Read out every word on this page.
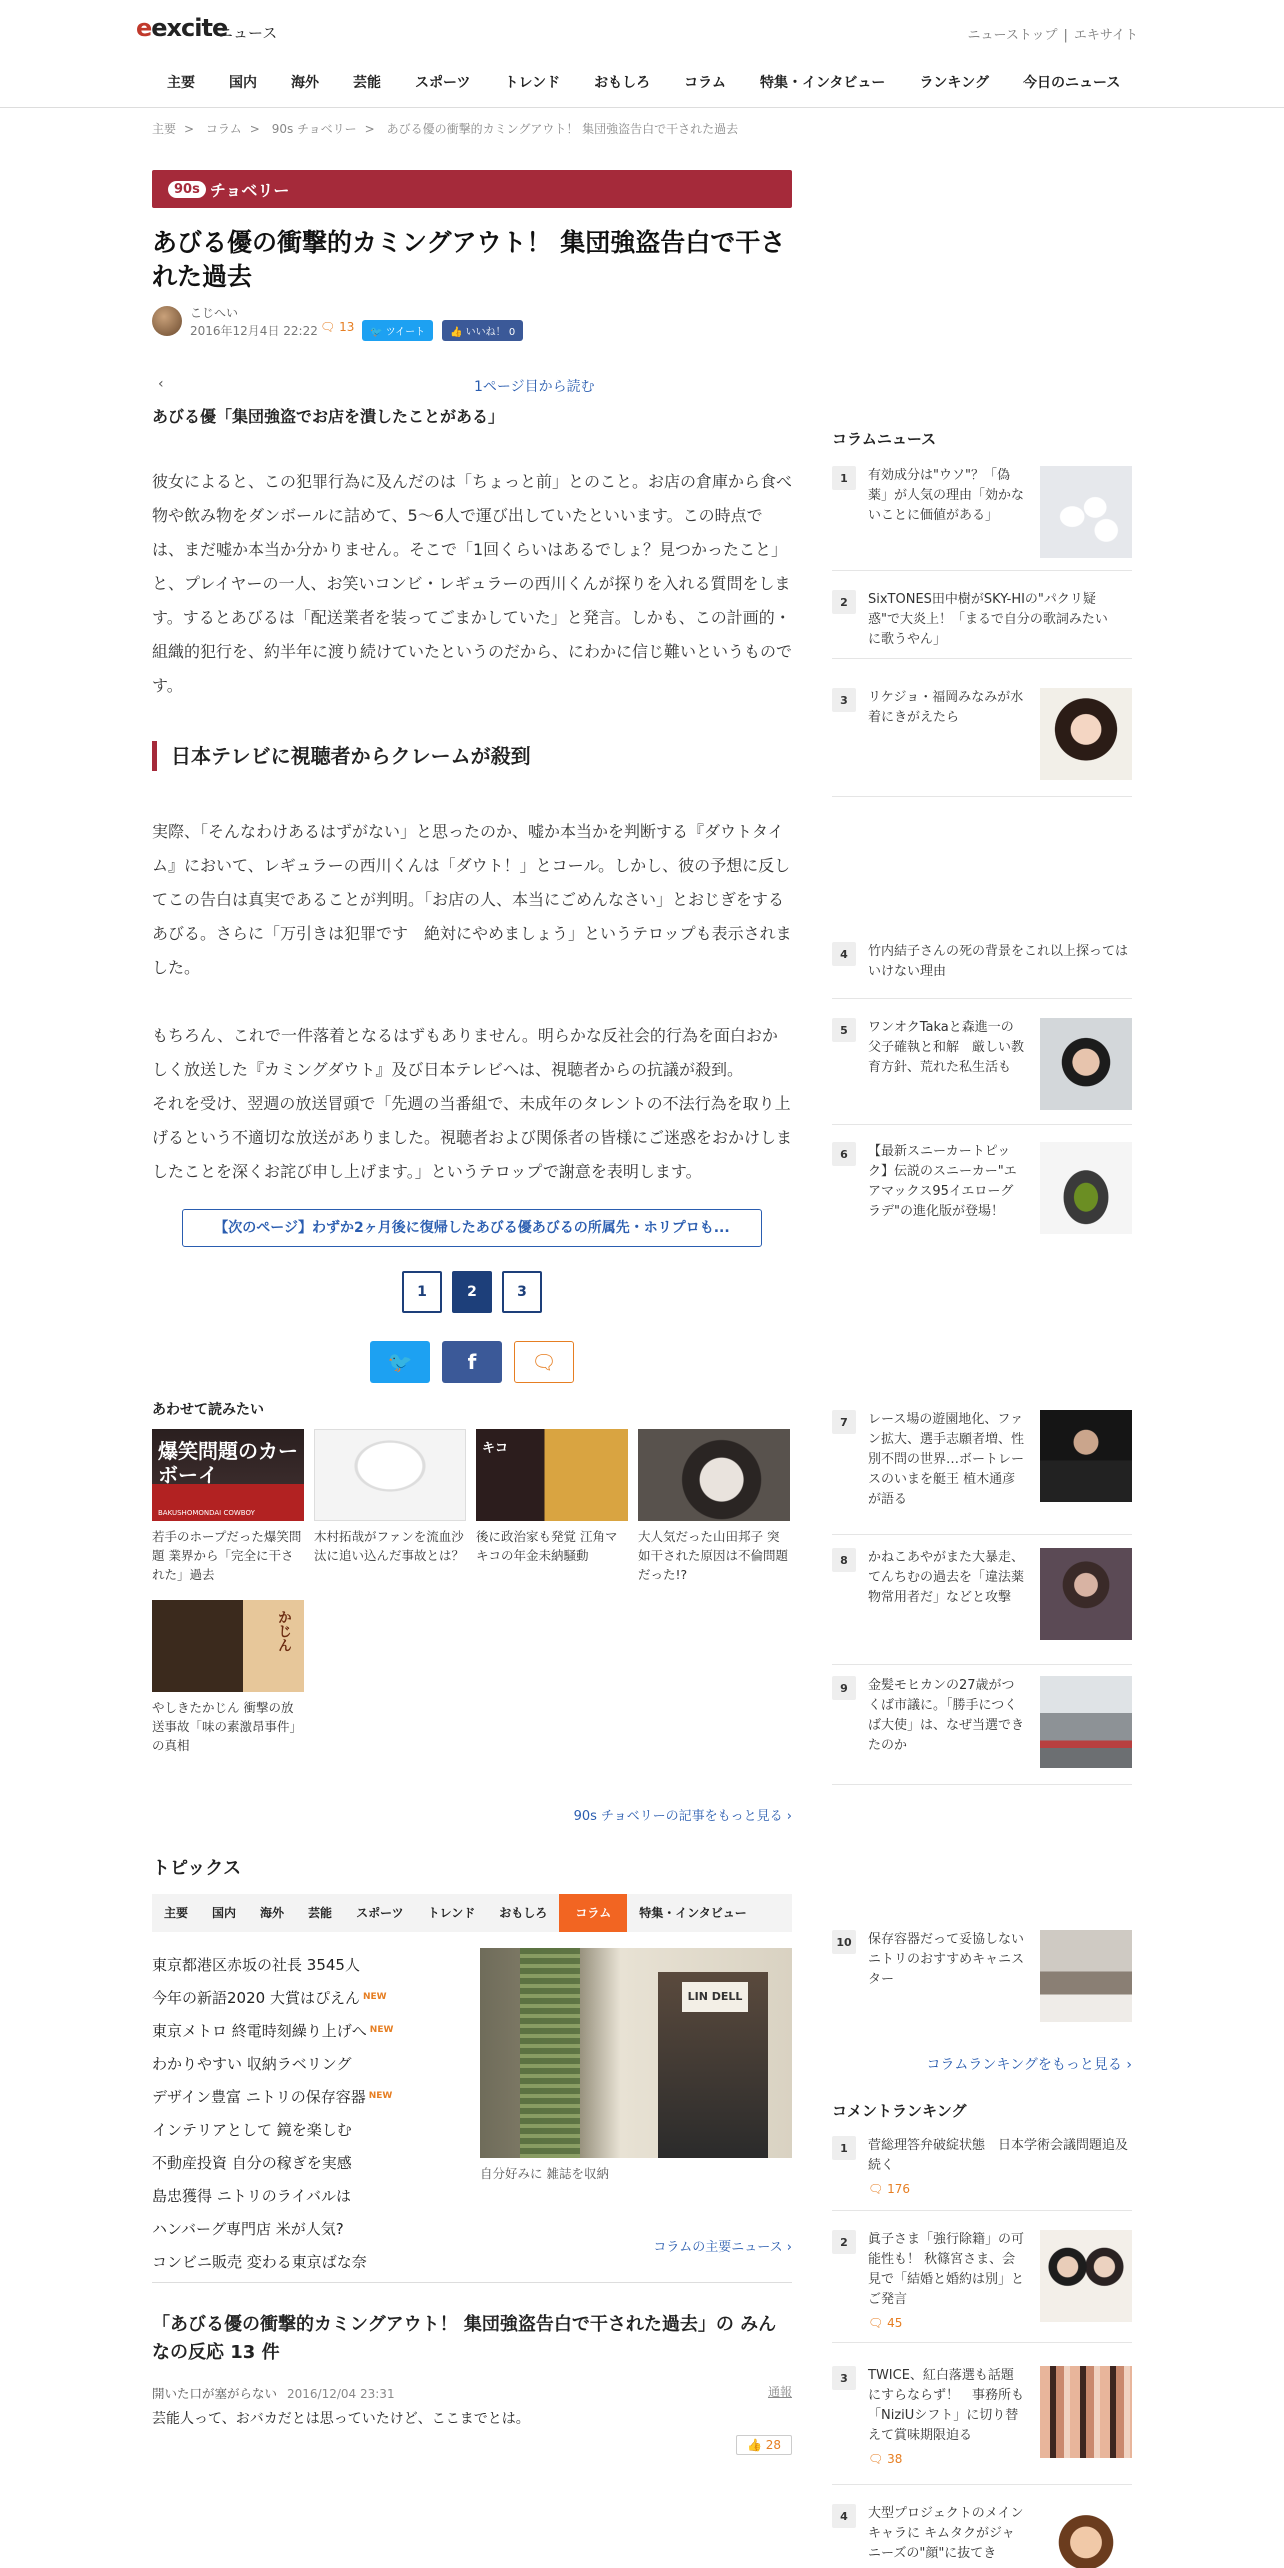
eexcite
ニュース	ニューストップ | エキサイト
主要	国内	海外	芸能	スポーツ	トレンド	おもしろ	コラム	特集・インタビュー	ランキング	今日のニュース
主要 > コラム > 90s チョベリー > あびる優の衝撃的カミングアウト！ 集団強盗告白で干された過去
90s チョベリー
あびる優の衝撃的カミングアウト！ 集団強盗告白で干された過去
こじへい
2016年12月4日 22:22 🗨 13	🐦 ツイート	👍 いいね！ 0
‹	1ページ目から読む
あびる優「集団強盗でお店を潰したことがある」

彼女によると、この犯罪行為に及んだのは「ちょっと前」とのこと。お店の倉庫から食べ物や飲み物をダンボールに詰めて、5～6人で運び出していたといいます。この時点では、まだ嘘か本当か分かりません。そこで「1回くらいはあるでしょ？見つかったこと」と、プレイヤーの一人、お笑いコンビ・レギュラーの西川くんが探りを入れる質問をします。するとあびるは「配送業者を装ってごまかしていた」と発言。しかも、この計画的・組織的犯行を、約半年に渡り続けていたというのだから、にわかに信じ難いというものです。

日本テレビに視聴者からクレームが殺到

実際、「そんなわけあるはずがない」と思ったのか、嘘か本当かを判断する『ダウトタイム』において、レギュラーの西川くんは「ダウト！」とコール。しかし、彼の予想に反してこの告白は真実であることが判明。「お店の人、本当にごめんなさい」とおじぎをするあびる。さらに「万引きは犯罪です　絶対にやめましょう」というテロップも表示されました。

もちろん、これで一件落着となるはずもありません。明らかな反社会的行為を面白おかしく放送した『カミングダウト』及び日本テレビへは、視聴者からの抗議が殺到。

それを受け、翌週の放送冒頭で「先週の当番組で、未成年のタレントの不法行為を取り上げるという不適切な放送がありました。視聴者および関係者の皆様にご迷惑をおかけしましたことを深くお詫び申し上げます。」というテロップで謝意を表明します。

【次のページ】わずか2ヶ月後に復帰したあびる優あびるの所属先・ホリプロも...
1	2	3
🐦	f	🗨
あわせて読みたい
爆笑問題のカーボーイ
BAKUSHOMONDAI COWBOY
若手のホープだった爆笑問題 業界から「完全に干された」過去
木村拓哉がファンを流血沙汰に追い込んだ事故とは？
キコ
後に政治家も発覚 江角マキコの年金未納騒動
大人気だった山田邦子 突如干された原因は不倫問題だった!?
かじん
やしきたかじん 衝撃の放送事故「味の素激昂事件」の真相
90s チョベリーの記事をもっと見る ›
トピックス
主要	国内	海外	芸能	スポーツ	トレンド	おもしろ	コラム	特集・インタビュー
東京都港区赤坂の社長 3545人
今年の新語2020 大賞はぴえん $^{NEW}$
東京メトロ 終電時刻繰り上げへ $^{NEW}$
わかりやすい 収納ラベリング
デザイン豊富 ニトリの保存容器 $^{NEW}$
インテリアとして 鏡を楽しむ
不動産投資 自分の稼ぎを実感
島忠獲得 ニトリのライバルは
ハンバーグ専門店 米が人気?
コンビニ販売 変わる東京ばな奈
LIN DELL
自分好みに 雑誌を収納
コラムの主要ニュース ›
「あびる優の衝撃的カミングアウト！ 集団強盗告白で干された過去」の みんなの反応 13 件
開いた口が塞がらない 2016/12/04 23:31	通報
芸能人って、おバカだとは思っていたけど、ここまでとは。
👍 28
コラムニュース
1	有効成分は"ウソ"？「偽薬」が人気の理由「効かないことに価値がある」
2	SixTONES田中樹がSKY-HIの"パクリ疑惑"で大炎上！「まるで自分の歌詞みたいに歌うやん」
3	リケジョ・福岡みなみが水着にきがえたら
4	竹内結子さんの死の背景をこれ以上探ってはいけない理由
5	ワンオクTakaと森進一の父子確執と和解　厳しい教育方針、荒れた私生活も
6	【最新スニーカートピック】伝説のスニーカー"エアマックス95イエローグラデ"の進化版が登場！
7	レース場の遊園地化、ファン拡大、選手志願者増、性別不問の世界…ボートレースのいまを艇王 植木通彦 が語る
8	かねこあやがまた大暴走、てんちむの過去を「違法薬物常用者だ」などと攻撃
9	金髪モヒカンの27歳がつくば市議に。「勝手につくば大使」は、なぜ当選できたのか
10	保存容器だって妥協しないニトリのおすすめキャニスター
コラムランキングをもっと見る ›
コメントランキング
1	菅総理答弁破綻状態　日本学術会議問題追及続く
🗨 176
2	眞子さま「強行除籍」の可能性も！ 秋篠宮さま、会見で「結婚と婚約は別」とご発言
🗨 45
3	TWICE、紅白落選も話題にすらならず！　事務所も「NiziUシフト」に切り替えて賞味期限迫る
🗨 38
4	大型プロジェクトのメインキャラに キムタクがジャニーズの"顔"に抜てき
